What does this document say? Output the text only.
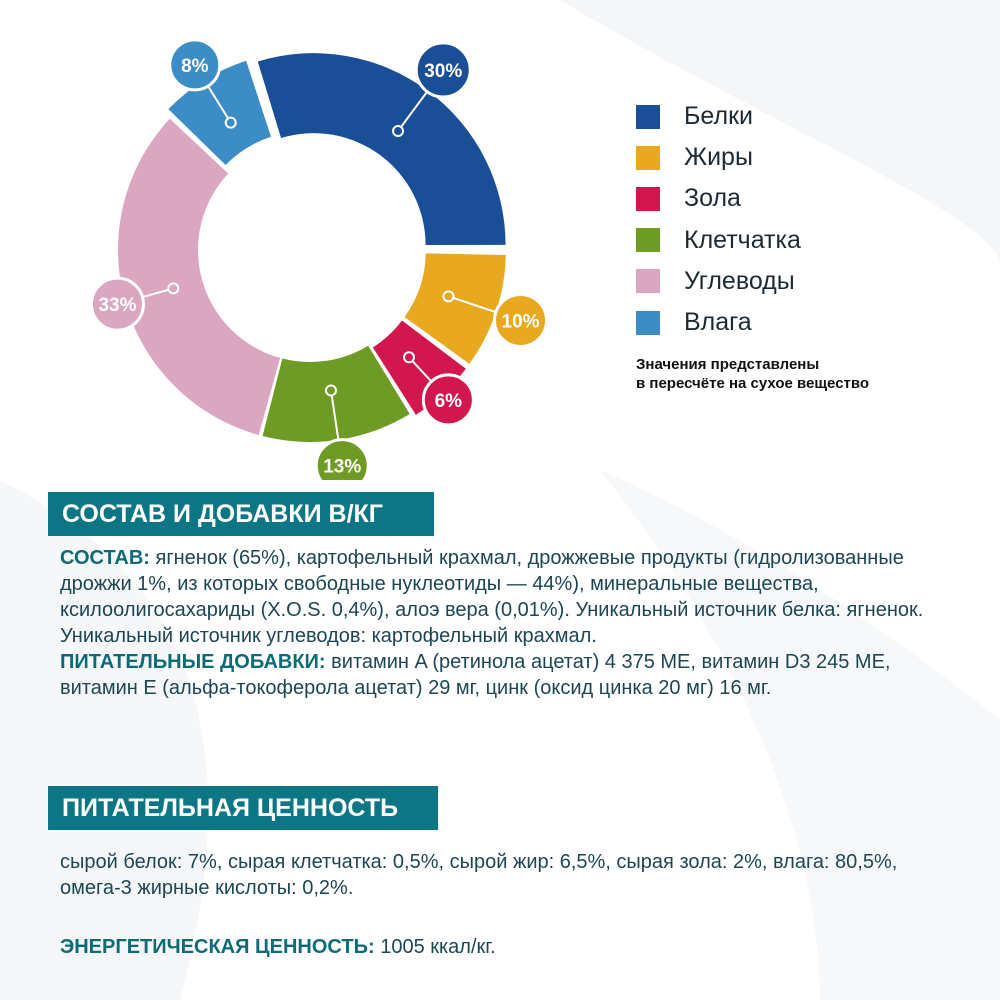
30%
10%
6%
13%
33%
8%
Белки
Жиры
Зола
Клетчатка
Углеводы
Влага
Значения представлены
в пересчёте на сухое вещество
СОСТАВ И ДОБАВКИ В/КГ
СОСТАВ: ягненок (65%), картофельный крахмал, дрожжевые продукты (гидролизованные дрожжи 1%, из которых свободные нуклеотиды — 44%), минеральные вещества, ксилоолигосахариды (X.O.S. 0,4%), алоэ вера (0,01%). Уникальный источник белка: ягненок. Уникальный источник углеводов: картофельный крахмал.
ПИТАТЕЛЬНЫЕ ДОБАВКИ: витамин A (ретинола ацетат) 4 375 МЕ, витамин D3 245 МЕ, витамин E (альфа-токоферола ацетат) 29 мг, цинк (оксид цинка 20 мг) 16 мг.
ПИТАТЕЛЬНАЯ ЦЕННОСТЬ
сырой белок: 7%, сырая клетчатка: 0,5%, сырой жир: 6,5%, сырая зола: 2%, влага: 80,5%, омега-3 жирные кислоты: 0,2%.
ЭНЕРГЕТИЧЕСКАЯ ЦЕННОСТЬ: 1005 ккал/кг.
